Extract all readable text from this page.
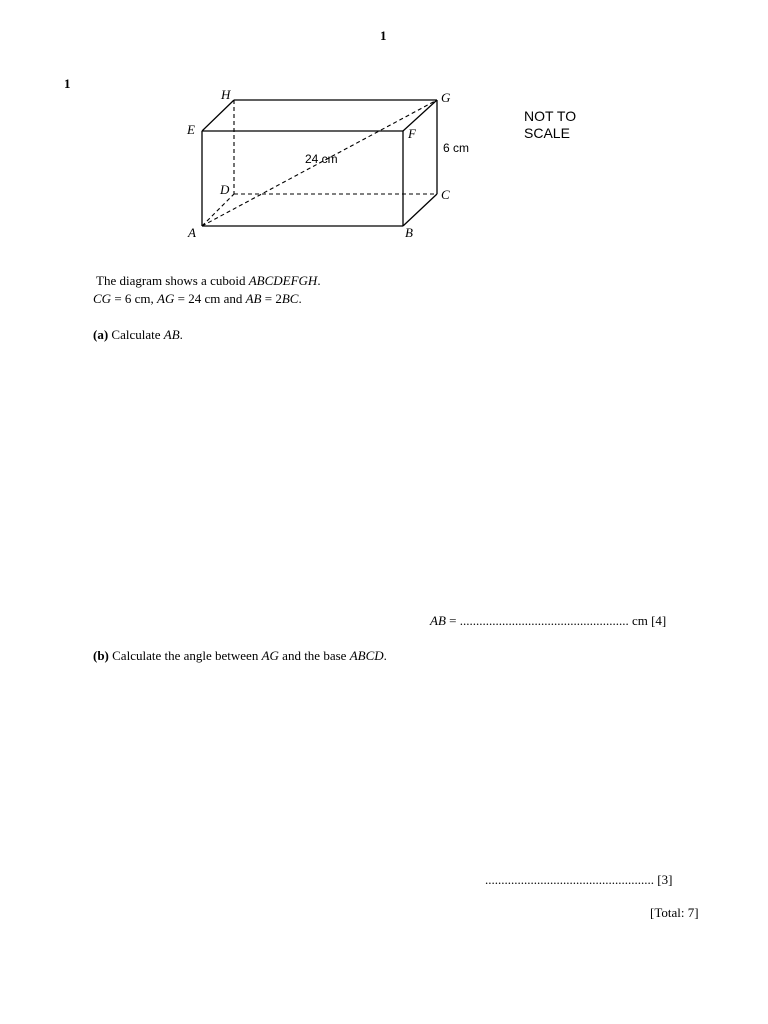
1
1
H	G
E	F
D	C
A	B
24 cm
6 cm
NOT TO
SCALE
The diagram shows a cuboid ABCDEFGH.
CG = 6 cm, AG = 24 cm and AB = 2BC.
(a) Calculate AB.
AB = .................................................... cm [4]
(b) Calculate the angle between AG and the base ABCD.
.................................................... [3]
[Total: 7]
